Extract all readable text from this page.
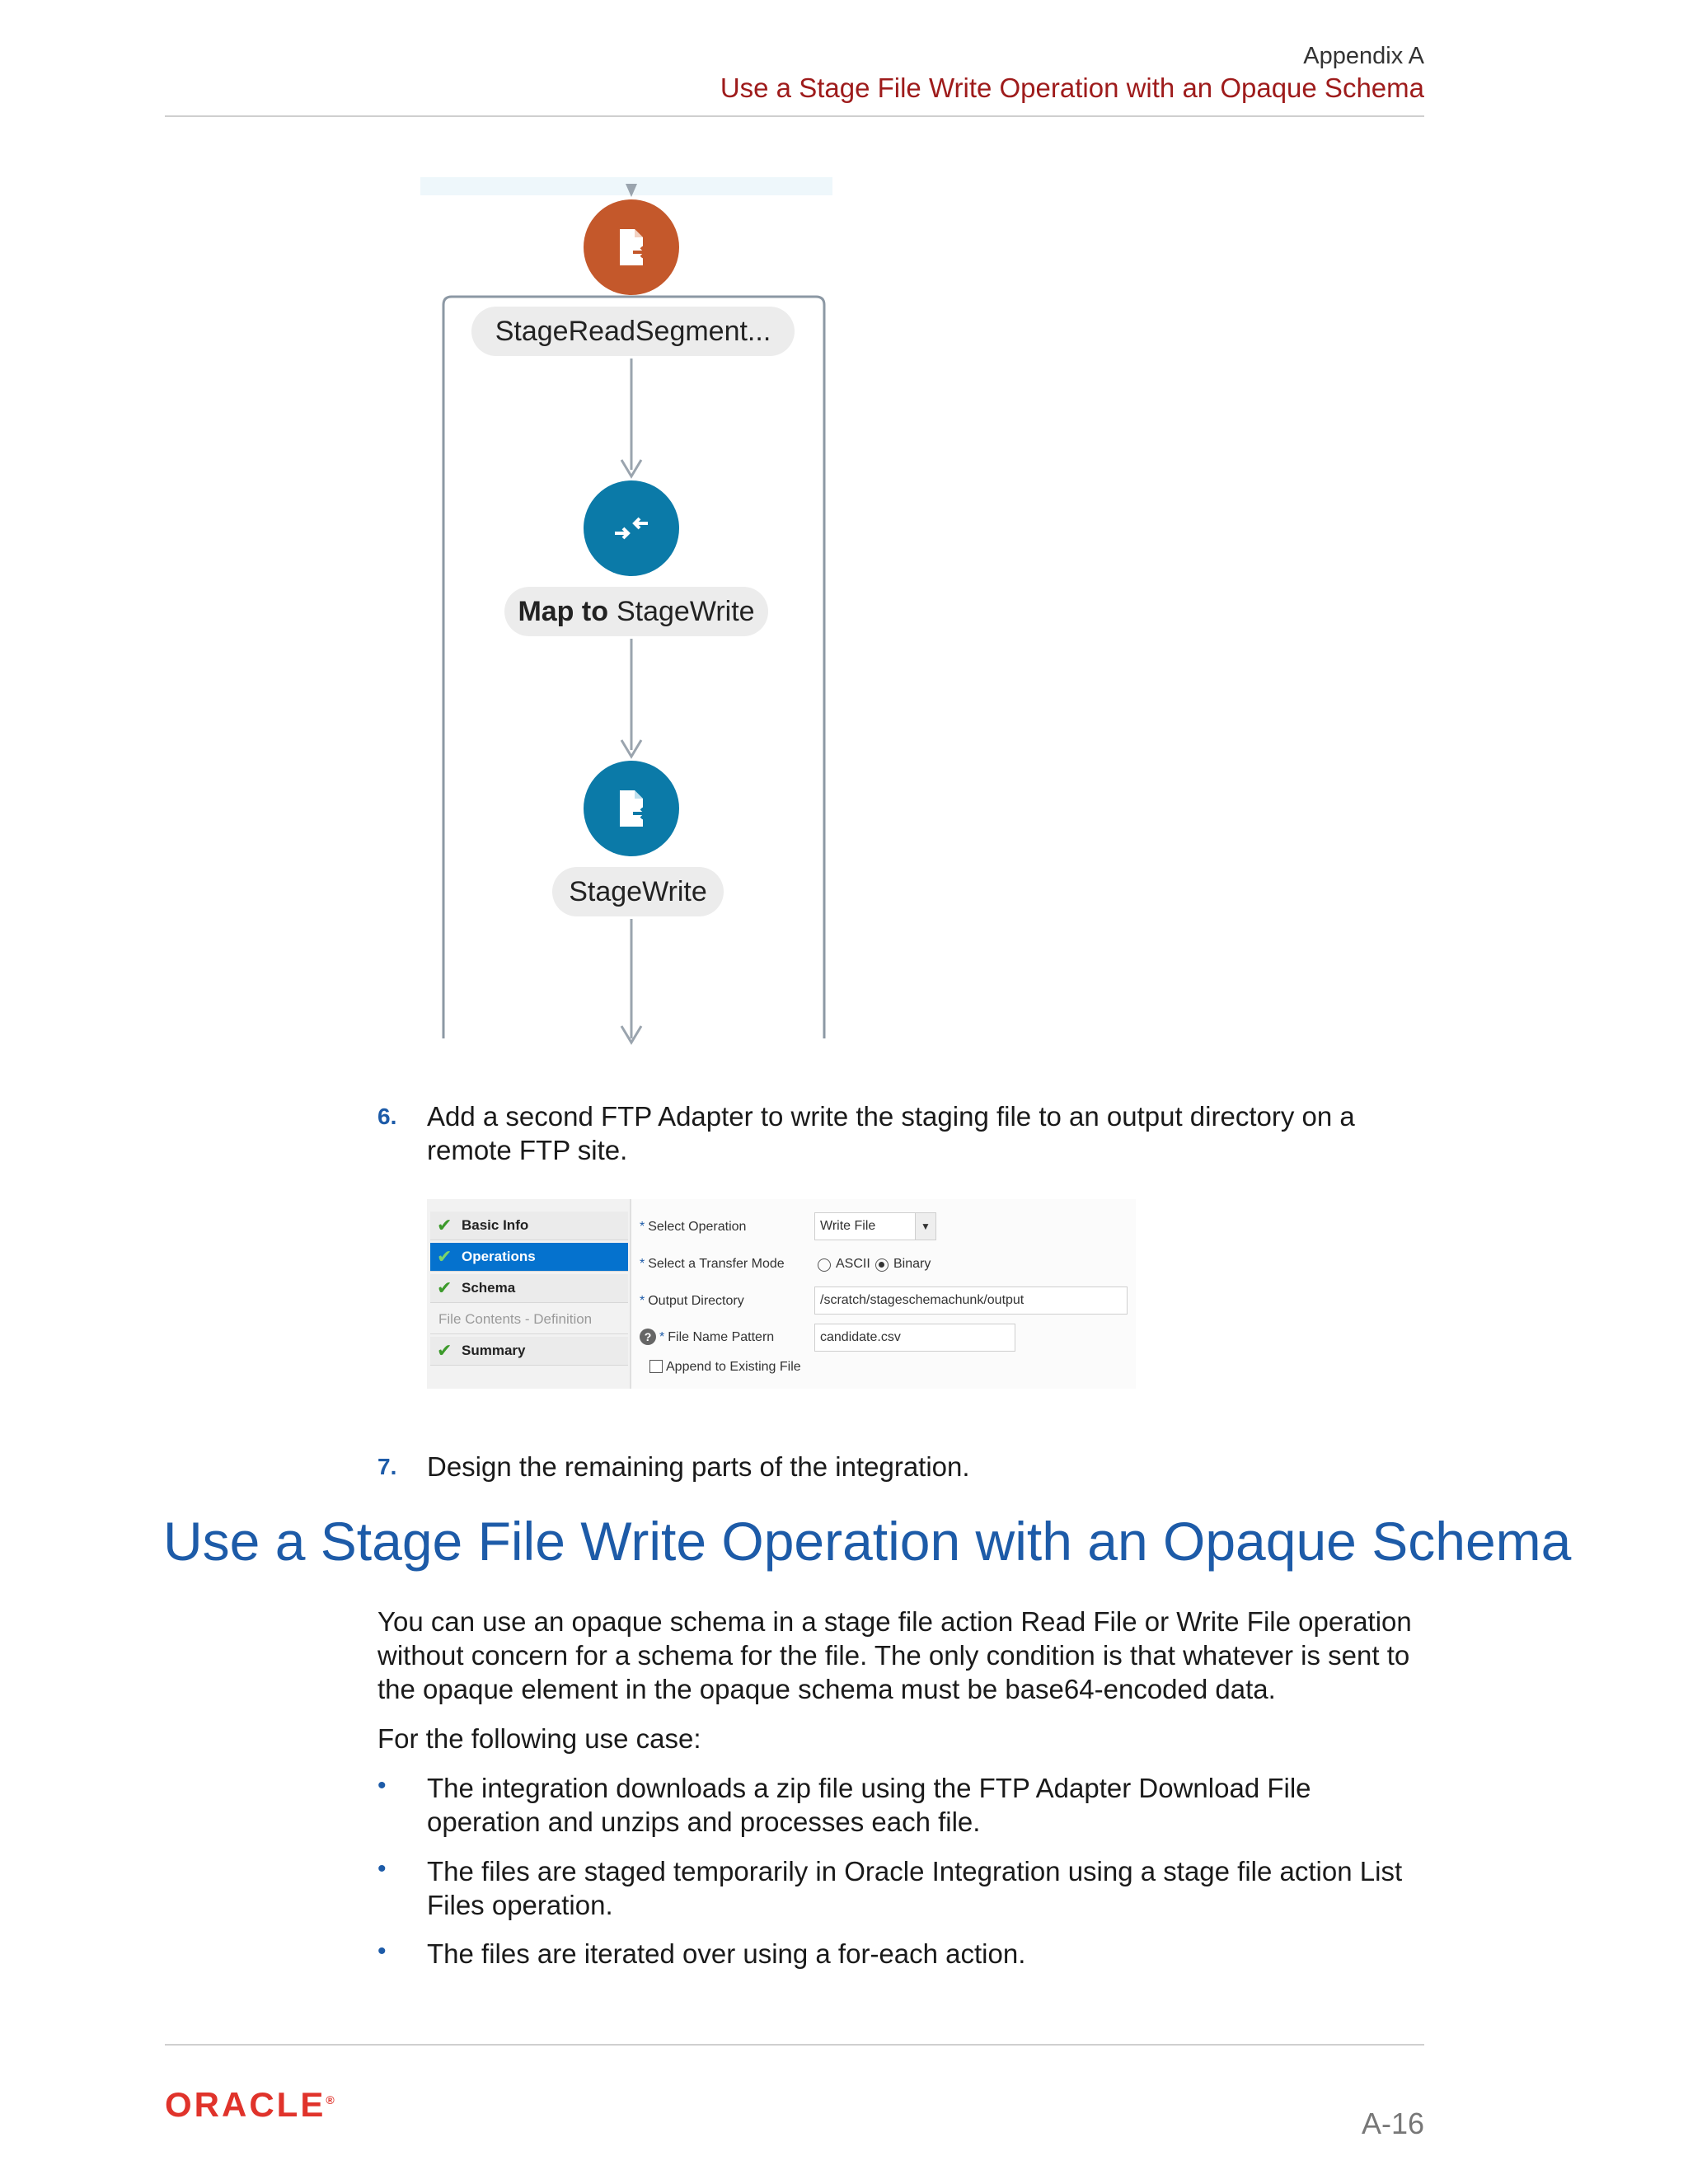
Appendix A
Use a Stage File Write Operation with an Opaque Schema
StageReadSegment...
Map to StageWrite
StageWrite
6. Add a second FTP Adapter to write the staging file to an output directory on a remote FTP site.
✔ Basic Info
✔ Operations
✔ Schema
File Contents - Definition
✔ Summary
* Select Operation	Write File	▼
* Select a Transfer Mode	ASCII Binary
* Output Directory	/scratch/stageschemachunk/output
? * File Name Pattern	candidate.csv
Append to Existing File
7. Design the remaining parts of the integration.
Use a Stage File Write Operation with an Opaque Schema
You can use an opaque schema in a stage file action Read File or Write File operation without concern for a schema for the file. The only condition is that whatever is sent to the opaque element in the opaque schema must be base64-encoded data.
For the following use case:
• The integration downloads a zip file using the FTP Adapter Download File operation and unzips and processes each file.
• The files are staged temporarily in Oracle Integration using a stage file action List Files operation.
• The files are iterated over using a for-each action.
ORACLE®
A-16
